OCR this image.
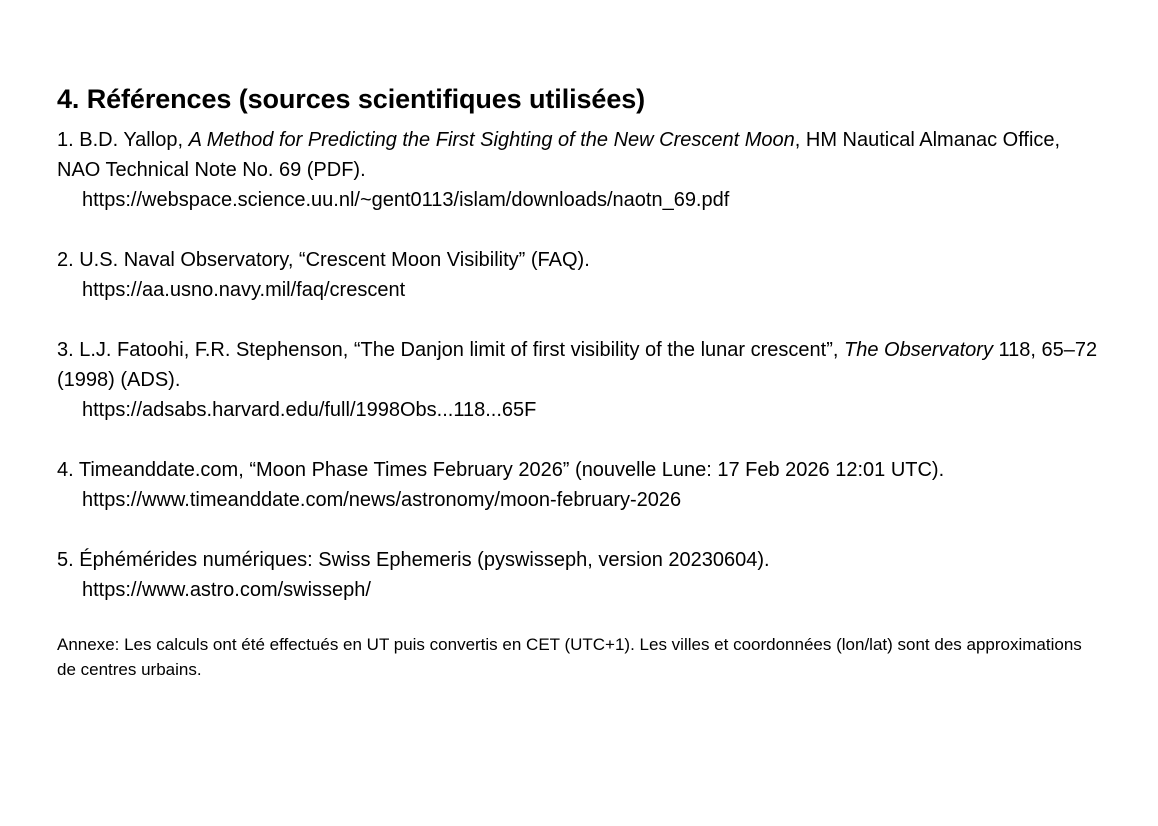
4. Références (sources scientifiques utilisées)
1. B.D. Yallop, A Method for Predicting the First Sighting of the New Crescent Moon, HM Nautical Almanac Office, NAO Technical Note No. 69 (PDF).
https://webspace.science.uu.nl/~gent0113/islam/downloads/naotn_69.pdf
2. U.S. Naval Observatory, “Crescent Moon Visibility” (FAQ).
https://aa.usno.navy.mil/faq/crescent
3. L.J. Fatoohi, F.R. Stephenson, “The Danjon limit of first visibility of the lunar crescent”, The Observatory 118, 65–72 (1998) (ADS).
https://adsabs.harvard.edu/full/1998Obs...118...65F
4. Timeanddate.com, “Moon Phase Times February 2026” (nouvelle Lune: 17 Feb 2026 12:01 UTC).
https://www.timeanddate.com/news/astronomy/moon-february-2026
5. Éphémérides numériques: Swiss Ephemeris (pyswisseph, version 20230604).
https://www.astro.com/swisseph/

Annexe: Les calculs ont été effectués en UT puis convertis en CET (UTC+1). Les villes et coordonnées (lon/lat) sont des approximations de centres urbains.
